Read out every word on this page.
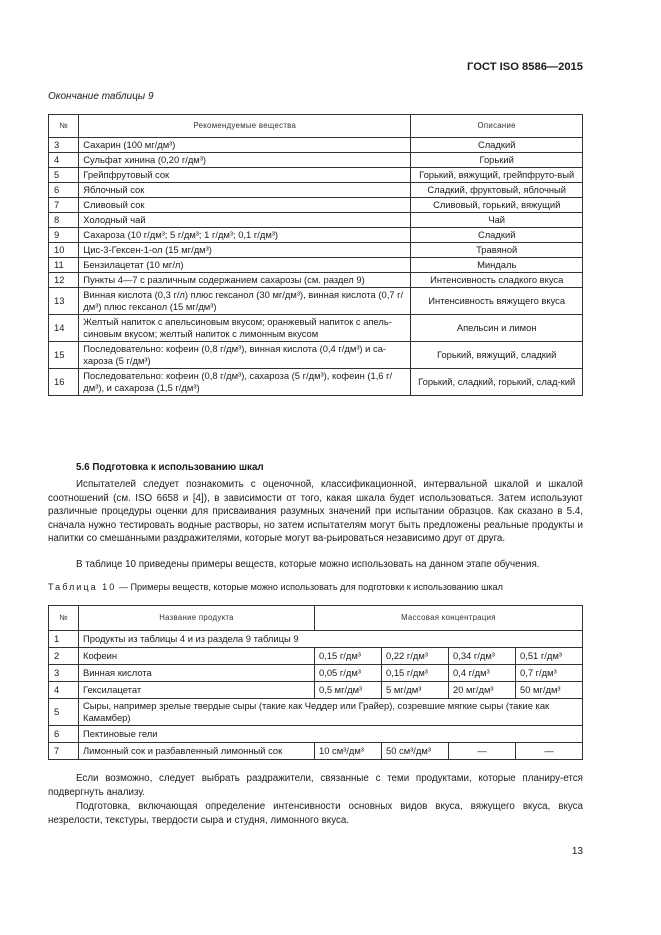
ГОСТ ISO 8586—2015
Окончание таблицы 9
№	Рекомендуемые вещества	Описание
3	Сахарин (100 мг/дм³)	Сладкий
4	Сульфат хинина (0,20 г/дм³)	Горький
5	Грейпфрутовый сок	Горький, вяжущий, грейпфруто-вый
6	Яблочный сок	Сладкий, фруктовый, яблочный
7	Сливовый сок	Сливовый, горький, вяжущий
8	Холодный чай	Чай
9	Сахароза (10 г/дм³; 5 г/дм³; 1 г/дм³; 0,1 г/дм³)	Сладкий
10	Цис-3-Гексен-1-ол (15 мг/дм³)	Травяной
11	Бензилацетат (10 мг/л)	Миндаль
12	Пункты 4—7 с различным содержанием сахарозы (см. раздел 9)	Интенсивность сладкого вкуса
13	Винная кислота (0,3 г/л) плюс гексанол (30 мг/дм³), винная кислота (0,7 г/дм³) плюс гексанол (15 мг/дм³)	Интенсивность вяжущего вкуса
14	Желтый напиток с апельсиновым вкусом; оранжевый напиток с апель-синовым вкусом; желтый напиток с лимонным вкусом	Апельсин и лимон
15	Последовательно: кофеин (0,8 г/дм³), винная кислота (0,4 г/дм³) и са-хароза (5 г/дм³)	Горький, вяжущий, сладкий
16	Последовательно: кофеин (0,8 г/дм³), сахароза (5 г/дм³), кофеин (1,6 г/дм³), и сахароза (1,5 г/дм³)	Горький, сладкий, горький, слад-кий
5.6 Подготовка к использованию шкал
Испытателей следует познакомить с оценочной, классификационной, интервальной шкалой и шкалой соотношений (см. ISO 6658 и [4]), в зависимости от того, какая шкала будет использоваться. Затем используют различные процедуры оценки для присваивания разумных значений при испытании образцов. Как сказано в 5.4, сначала нужно тестировать водные растворы, но затем испытателям могут быть предложены реальные продукты и напитки со смешанными раздражителями, которые могут ва-рьироваться независимо друг от друга.
В таблице 10 приведены примеры веществ, которые можно использовать на данном этапе обучения.
Таблица 10 — Примеры веществ, которые можно использовать для подготовки к использованию шкал
№	Название продукта	Массовая концентрация			
1	Продукты из таблицы 4 и из раздела 9 таблицы 9				
2	Кофеин	0,15 г/дм³	0,22 г/дм³	0,34 г/дм³	0,51 г/дм³
3	Винная кислота	0,05 г/дм³	0,15 г/дм³	0,4 г/дм³	0,7 г/дм³
4	Гексилацетат	0,5 мг/дм³	5 мг/дм³	20 мг/дм³	50 мг/дм³
5	Сыры, например зрелые твердые сыры (такие как Чеддер или Грайер), созревшие мягкие сыры (такие как Камамбер)				
6	Пектиновые гели				
7	Лимонный сок и разбавленный лимонный сок	10 см³/дм³	50 см³/дм³	—	—
Если возможно, следует выбрать раздражители, связанные с теми продуктами, которые планиру-ется подвергнуть анализу.
Подготовка, включающая определение интенсивности основных видов вкуса, вяжущего вкуса, вкуса незрелости, текстуры, твердости сыра и студня, лимонного вкуса.
13
